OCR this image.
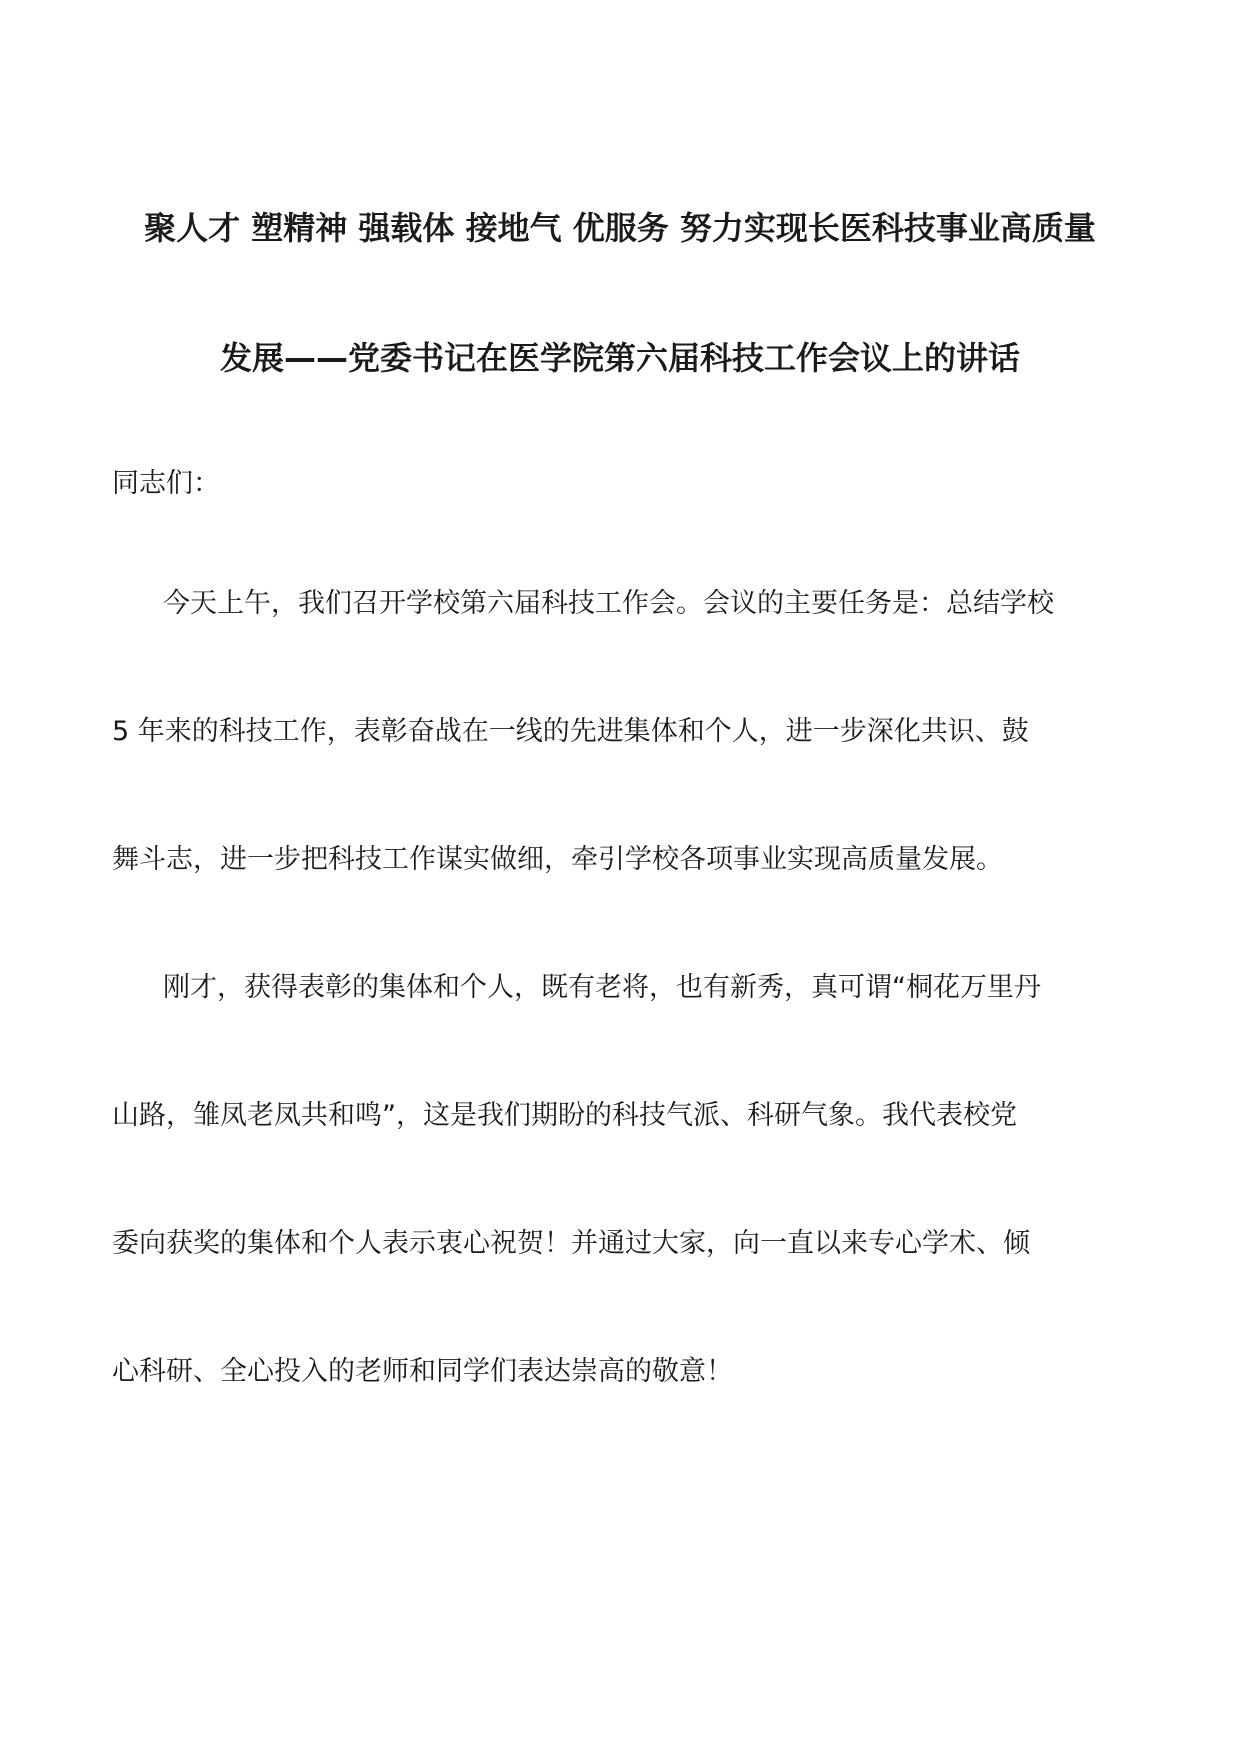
聚人才 塑精神 强载体 接地气 优服务 努力实现长医科技事业高质量
发展——党委书记在医学院第六届科技工作会议上的讲话
同志们：
今天上午，我们召开学校第六届科技工作会。会议的主要任务是：总结学校
5 年来的科技工作，表彰奋战在一线的先进集体和个人，进一步深化共识、鼓
舞斗志，进一步把科技工作谋实做细，牵引学校各项事业实现高质量发展。
刚才，获得表彰的集体和个人，既有老将，也有新秀，真可谓“桐花万里丹
山路，雏凤老凤共和鸣”，这是我们期盼的科技气派、科研气象。我代表校党
委向获奖的集体和个人表示衷心祝贺！并通过大家，向一直以来专心学术、倾
心科研、全心投入的老师和同学们表达崇高的敬意！
